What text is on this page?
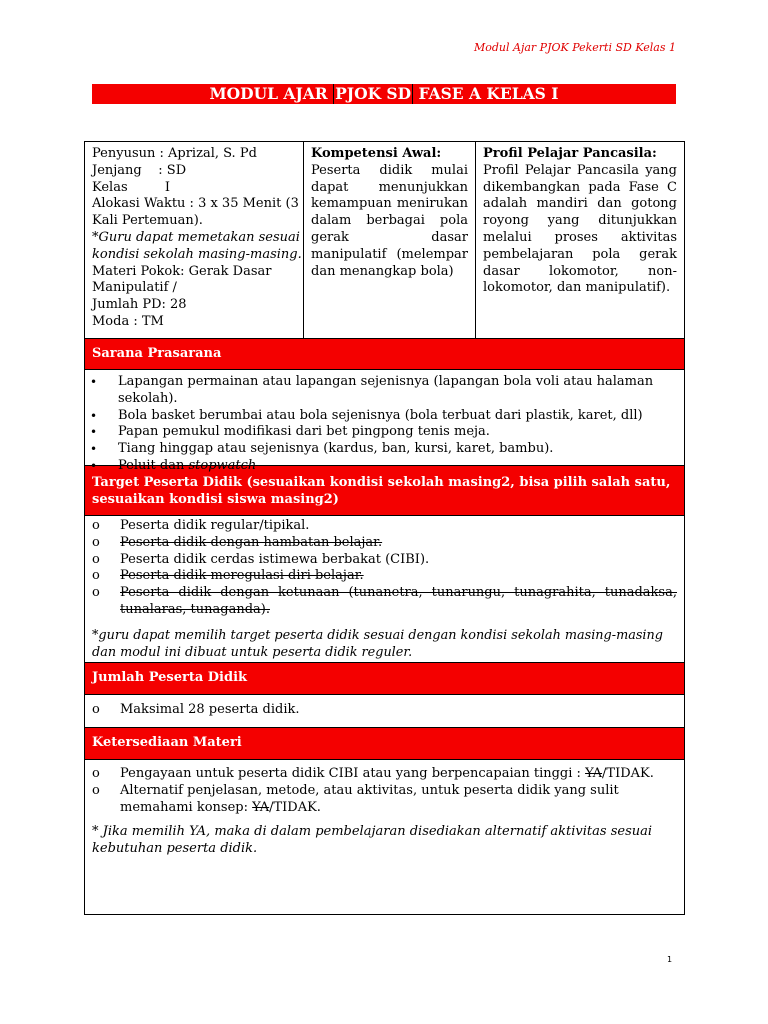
Modul Ajar PJOK Pekerti SD Kelas 1
MODUL AJAR PJOK SD FASE A KELAS I
Penyusun : Aprizal, S. Pd
Jenjang    : SD
Kelas         I
Alokasi Waktu : 3 x 35 Menit (3
Kali Pertemuan).
*Guru dapat memetakan sesuai
kondisi sekolah masing-masing.
Materi Pokok: Gerak Dasar
Manipulatif /
Jumlah PD: 28
Moda : TM
Kompetensi Awal:

Peserta didik mulai dapat menunjukkan kemampuan menirukan dalam berbagai pola gerak dasar manipulatif (melempar dan menangkap bola)

Profil Pelajar Pancasila:

Profil Pelajar Pancasila yang dikembangkan pada Fase C adalah mandiri dan gotong royong yang ditunjukkan melalui proses aktivitas pembelajaran pola gerak dasar lokomotor, non-lokomotor, dan manipulatif).

Sarana Prasarana
•	Lapangan permainan atau lapangan sejenisnya (lapangan bola voli atau halaman sekolah).
•	Bola basket berumbai atau bola sejenisnya (bola terbuat dari plastik, karet, dll)
•	Papan pemukul modifikasi dari bet pingpong tenis meja.
•	Tiang hinggap atau sejenisnya (kardus, ban, kursi, karet, bambu).
•	Peluit dan stopwatch
Target Peserta Didik (sesuaikan kondisi sekolah masing2, bisa pilih salah satu, sesuaikan kondisi siswa masing2)
o	Peserta didik regular/tipikal.
o	Peserta didik dengan hambatan belajar.
o	Peserta didik cerdas istimewa berbakat (CIBI).
o	Peserta didik meregulasi diri belajar.
o	Peserta didik dengan ketunaan (tunanetra, tunarungu, tunagrahita, tunadaksa, tunalaras, tunaganda).
*guru dapat memilih target peserta didik sesuai dengan kondisi sekolah masing-masing dan modul ini dibuat untuk peserta didik reguler.
Jumlah Peserta Didik
o	Maksimal 28 peserta didik.
Ketersediaan Materi
o	Pengayaan untuk peserta didik CIBI atau yang berpencapaian tinggi : YA/TIDAK.
o	Alternatif penjelasan, metode, atau aktivitas, untuk peserta didik yang sulit memahami konsep: YA/TIDAK.
* Jika memilih YA, maka di dalam pembelajaran disediakan alternatif aktivitas sesuai kebutuhan peserta didik.
1
